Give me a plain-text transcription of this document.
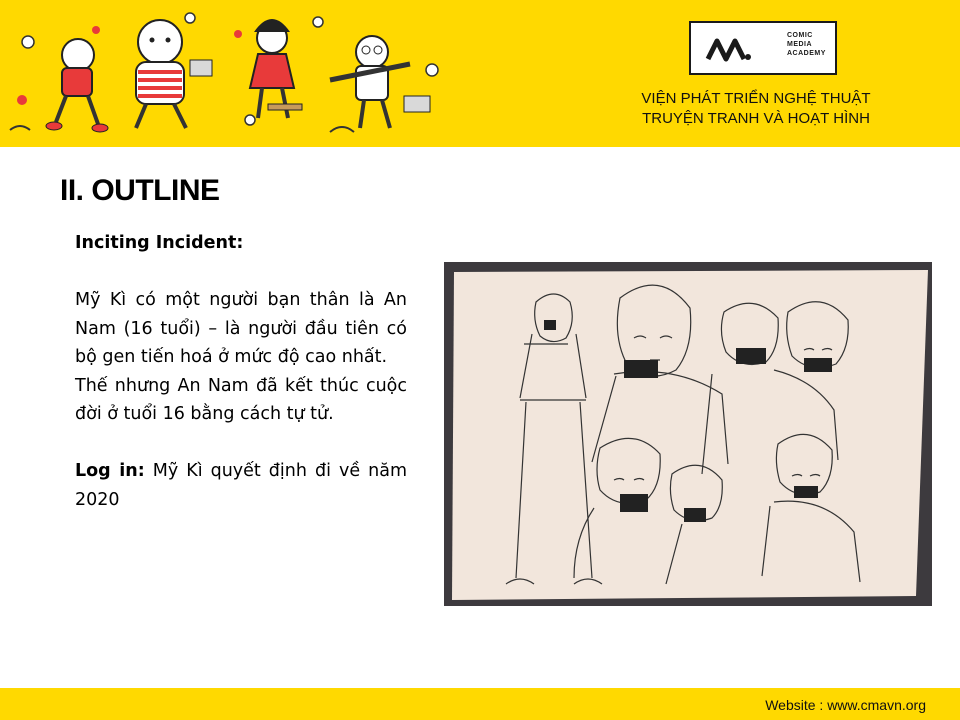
COMIC
MEDIA
ACADEMY
VIỆN PHÁT TRIỂN NGHỆ THUẬT
TRUYỆN TRANH VÀ HOẠT HÌNH
II. OUTLINE

Inciting Incident:

Mỹ Kì có một người bạn thân là An Nam (16 tuổi) – là người đầu tiên có bộ gen tiến hoá ở mức độ cao nhất.

Thế nhưng An Nam đã kết thúc cuộc đời ở tuổi 16 bằng cách tự tử.

Log in: Mỹ Kì quyết định đi về năm 2020

Website : www.cmavn.org
